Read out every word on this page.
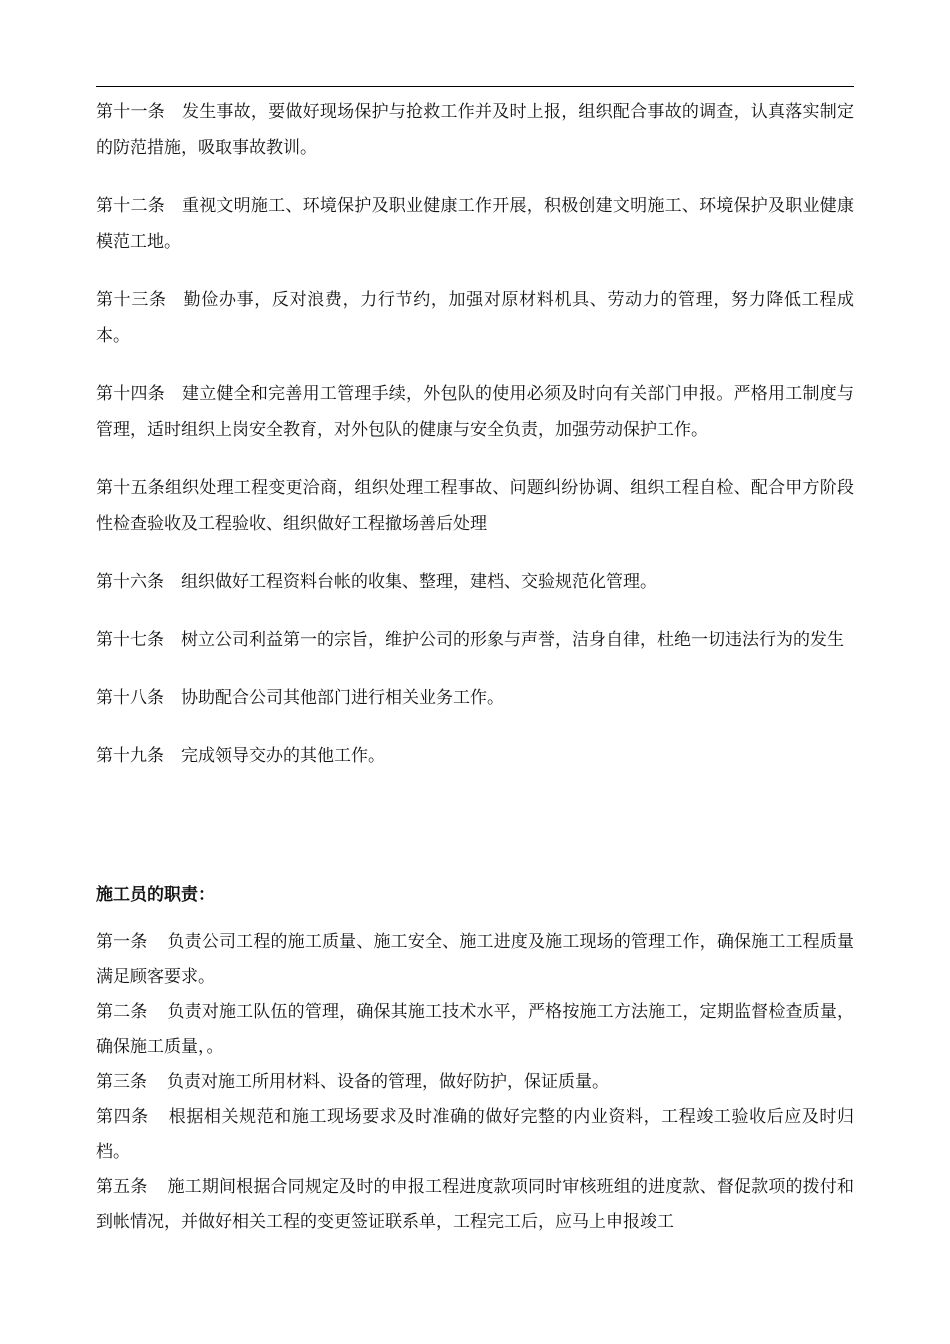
第十一条 发生事故，要做好现场保护与抢救工作并及时上报，组织配合事故的调查，认真落实制定的防范措施，吸取事故教训。

第十二条 重视文明施工、环境保护及职业健康工作开展，积极创建文明施工、环境保护及职业健康模范工地。

第十三条 勤俭办事，反对浪费，力行节约，加强对原材料机具、劳动力的管理，努力降低工程成本。

第十四条 建立健全和完善用工管理手续，外包队的使用必须及时向有关部门申报。严格用工制度与管理，适时组织上岗安全教育，对外包队的健康与安全负责，加强劳动保护工作。

第十五条组织处理工程变更洽商，组织处理工程事故、问题纠纷协调、组织工程自检、配合甲方阶段性检查验收及工程验收、组织做好工程撤场善后处理

第十六条 组织做好工程资料台帐的收集、整理，建档、交验规范化管理。

第十七条 树立公司利益第一的宗旨，维护公司的形象与声誉，洁身自律，杜绝一切违法行为的发生

第十八条 协助配合公司其他部门进行相关业务工作。

第十九条 完成领导交办的其他工作。

施工员的职责：

第一条 负责公司工程的施工质量、施工安全、施工进度及施工现场的管理工作，确保施工工程质量满足顾客要求。

第二条 负责对施工队伍的管理，确保其施工技术水平，严格按施工方法施工，定期监督检查质量，确保施工质量，。

第三条 负责对施工所用材料、设备的管理，做好防护，保证质量。

第四条 根据相关规范和施工现场要求及时准确的做好完整的内业资料，工程竣工验收后应及时归档。

第五条 施工期间根据合同规定及时的申报工程进度款项同时审核班组的进度款、督促款项的拨付和到帐情况，并做好相关工程的变更签证联系单，工程完工后，应马上申报竣工
